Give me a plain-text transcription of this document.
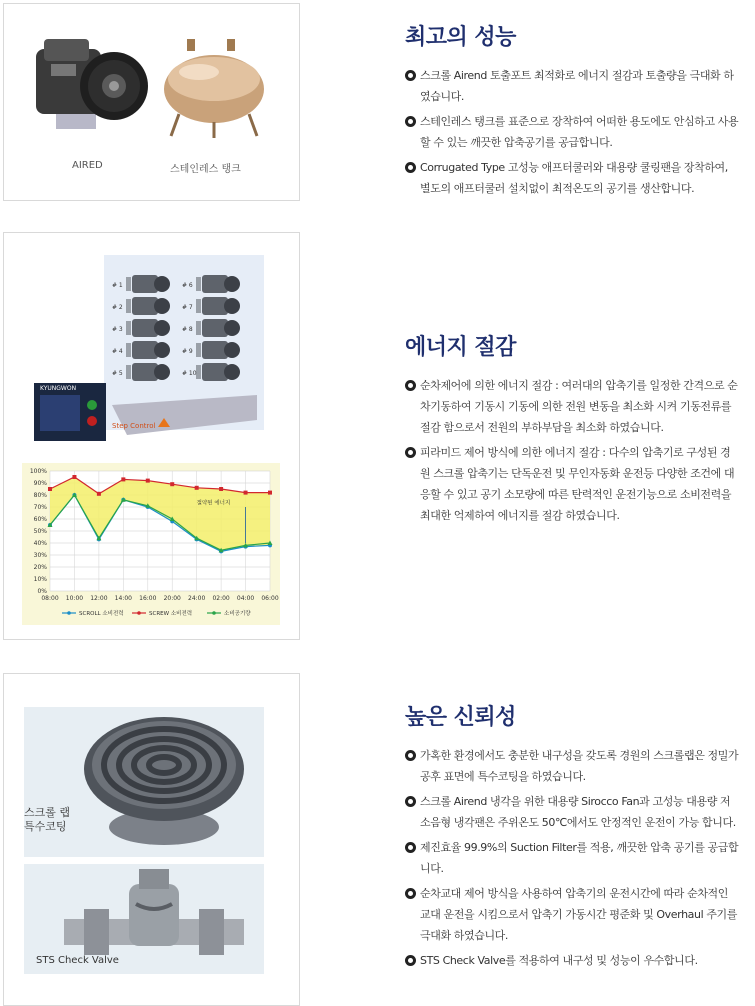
AIRED	스테인레스 탱크
# 1
# 2
# 3
# 4
# 5
# 6
# 7
# 8
# 9
# 10
KYUNGWON
Step Control
100%
90%
80%
70%
60%
50%
40%
30%
20%
10%
0%
08:00 10:00 12:00 14:00 16:00 20:00 24:00 02:00 04:00 06:00
절약된 에너지
SCROLL 소비전력	SCREW 소비전력	소비공기량
스크롤 랩
특수코팅
STS Check Valve
최고의 성능
스크롤 Airend 토출포트 최적화로 에너지 절감과 토출량을 극대화 하였습니다.
스테인레스 탱크를 표준으로 장착하여 어떠한 용도에도 안심하고 사용할 수 있는 깨끗한 압축공기를 공급합니다.
Corrugated Type 고성능 애프터쿨러와 대용량 쿨링팬을 장착하여, 별도의 애프터쿨러 설치없이 최적온도의 공기를 생산합니다.
에너지 절감
순차제어에 의한 에너지 절감 : 여러대의 압축기를 일정한 간격으로 순차기동하여 기동시 기동에 의한 전원 변동을 최소화 시켜 기동전류를 절감 함으로서 전원의 부하부담을 최소화 하였습니다.
피라미드 제어 방식에 의한 에너지 절감 : 다수의 압축기로 구성된 경원 스크롤 압축기는 단독운전 및 무인자동화 운전등 다양한 조건에 대응할 수 있고 공기 소모량에 따른 탄력적인 운전기능으로 소비전력을 최대한 억제하여 에너지를 절감 하였습니다.
높은 신뢰성
가혹한 환경에서도 충분한 내구성을 갖도록 경원의 스크롤랩은 정밀가공후 표면에 특수코팅을 하였습니다.
스크롤 Airend 냉각을 위한 대용량 Sirocco Fan과 고성능 대용량 저소음형 냉각팬은 주위온도 50℃에서도 안정적인 운전이 가능 합니다.
제진효율 99.9%의 Suction Filter를 적용, 깨끗한 압축 공기를 공급합니다.
순차교대 제어 방식을 사용하여 압축기의 운전시간에 따라 순차적인 교대 운전을 시킴으로서 압축기 가동시간 평준화 및 Overhaul 주기를 극대화 하였습니다.
STS Check Valve를 적용하여 내구성 및 성능이 우수합니다.
